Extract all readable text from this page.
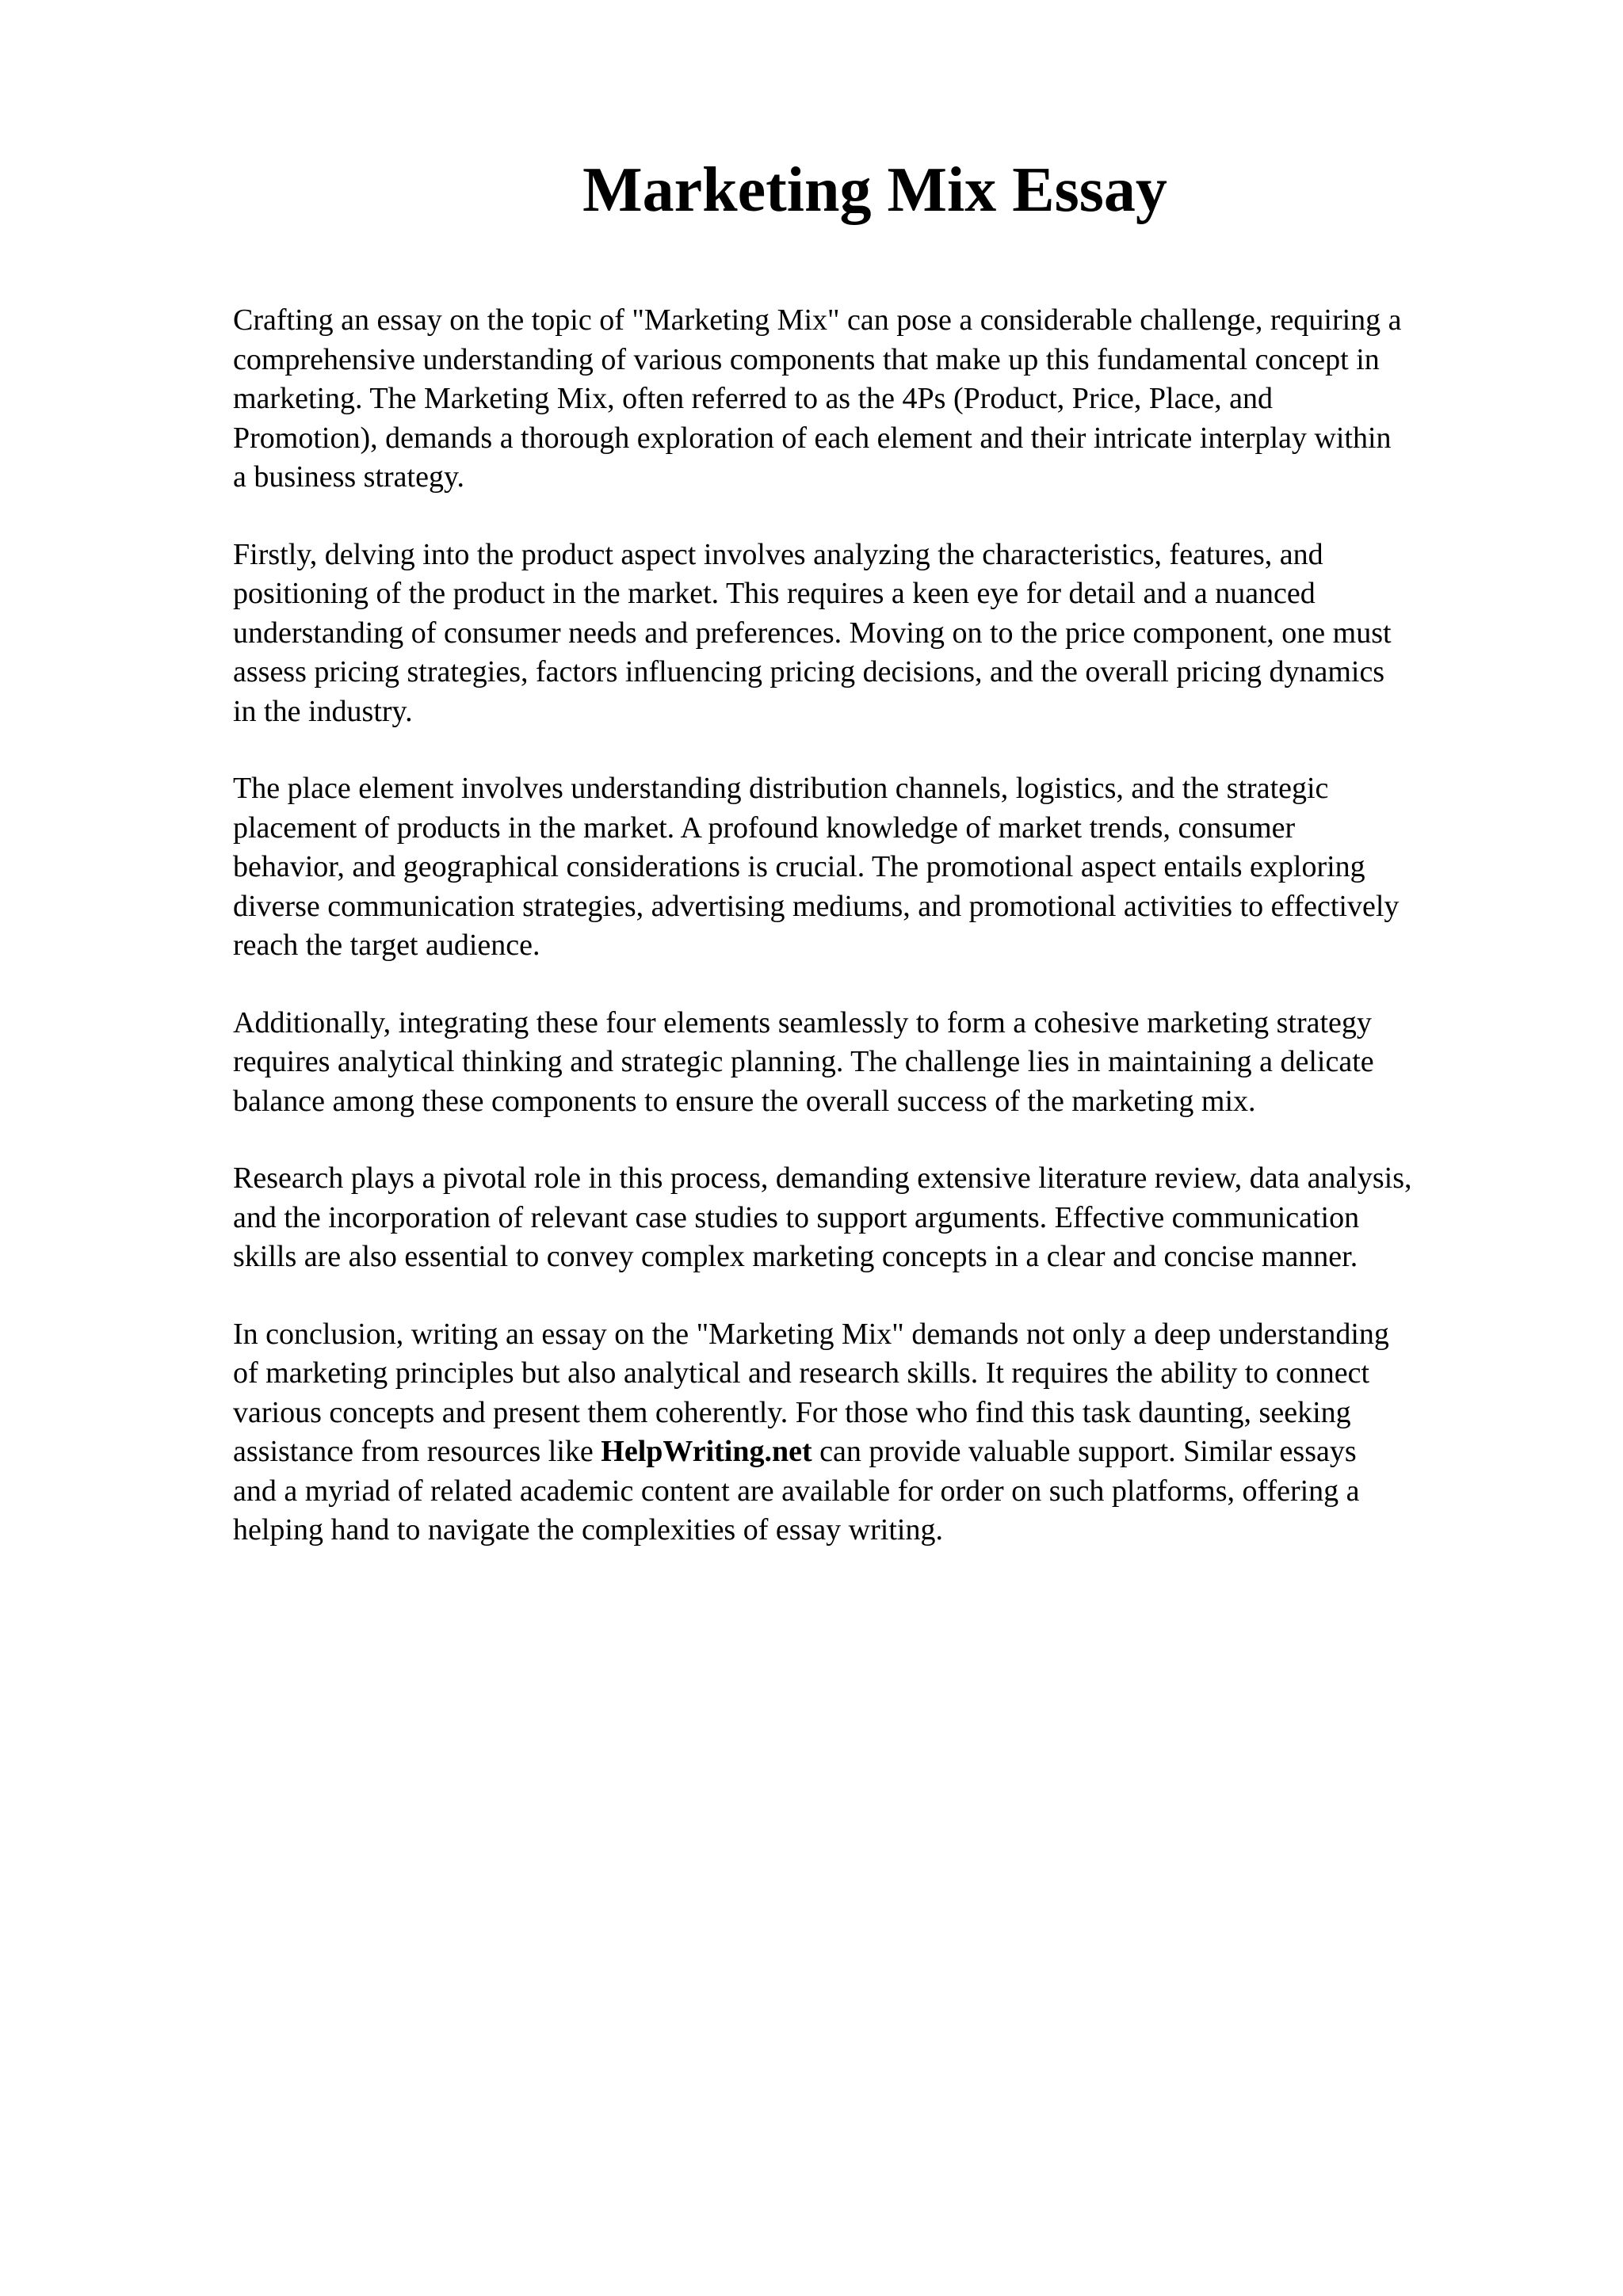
Marketing Mix Essay

Crafting an essay on the topic of "Marketing Mix" can pose a considerable challenge, requiring a
comprehensive understanding of various components that make up this fundamental concept in
marketing. The Marketing Mix, often referred to as the 4Ps (Product, Price, Place, and
Promotion), demands a thorough exploration of each element and their intricate interplay within
a business strategy.

Firstly, delving into the product aspect involves analyzing the characteristics, features, and
positioning of the product in the market. This requires a keen eye for detail and a nuanced
understanding of consumer needs and preferences. Moving on to the price component, one must
assess pricing strategies, factors influencing pricing decisions, and the overall pricing dynamics
in the industry.

The place element involves understanding distribution channels, logistics, and the strategic
placement of products in the market. A profound knowledge of market trends, consumer
behavior, and geographical considerations is crucial. The promotional aspect entails exploring
diverse communication strategies, advertising mediums, and promotional activities to effectively
reach the target audience.

Additionally, integrating these four elements seamlessly to form a cohesive marketing strategy
requires analytical thinking and strategic planning. The challenge lies in maintaining a delicate
balance among these components to ensure the overall success of the marketing mix.

Research plays a pivotal role in this process, demanding extensive literature review, data analysis,
and the incorporation of relevant case studies to support arguments. Effective communication
skills are also essential to convey complex marketing concepts in a clear and concise manner.

In conclusion, writing an essay on the "Marketing Mix" demands not only a deep understanding
of marketing principles but also analytical and research skills. It requires the ability to connect
various concepts and present them coherently. For those who find this task daunting, seeking
assistance from resources like HelpWriting.net can provide valuable support. Similar essays
and a myriad of related academic content are available for order on such platforms, offering a
helping hand to navigate the complexities of essay writing.
